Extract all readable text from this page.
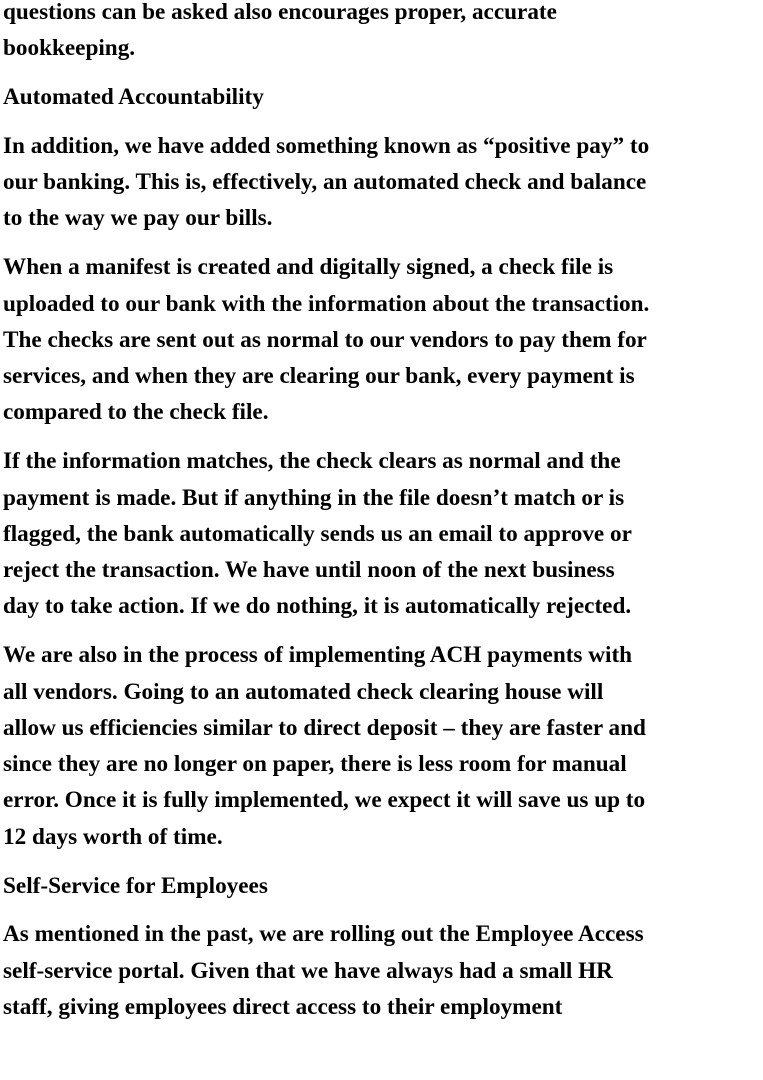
questions can be asked also encourages proper, accurate
bookkeeping.

Automated Accountability

In addition, we have added something known as “positive pay” to
our banking. This is, effectively, an automated check and balance
to the way we pay our bills.

When a manifest is created and digitally signed, a check file is
uploaded to our bank with the information about the transaction.
The checks are sent out as normal to our vendors to pay them for
services, and when they are clearing our bank, every payment is
compared to the check file.

If the information matches, the check clears as normal and the
payment is made. But if anything in the file doesn’t match or is
flagged, the bank automatically sends us an email to approve or
reject the transaction. We have until noon of the next business
day to take action. If we do nothing, it is automatically rejected.

We are also in the process of implementing ACH payments with
all vendors. Going to an automated check clearing house will
allow us efficiencies similar to direct deposit – they are faster and
since they are no longer on paper, there is less room for manual
error. Once it is fully implemented, we expect it will save us up to
12 days worth of time.

Self-Service for Employees

As mentioned in the past, we are rolling out the Employee Access
self-service portal. Given that we have always had a small HR
staff, giving employees direct access to their employment
